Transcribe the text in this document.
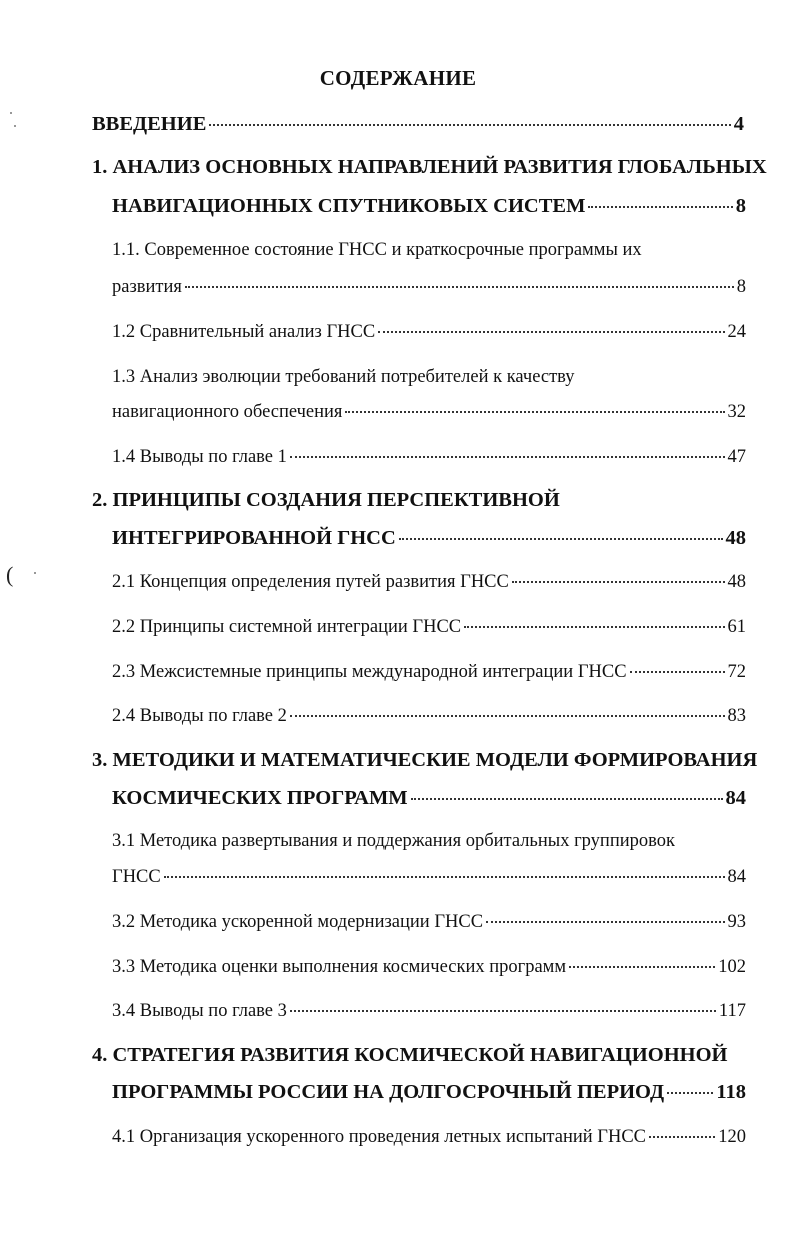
СОДЕРЖАНИЕ
ВВЕДЕНИЕ	4
1. АНАЛИЗ ОСНОВНЫХ НАПРАВЛЕНИЙ РАЗВИТИЯ ГЛОБАЛЬНЫХ
НАВИГАЦИОННЫХ СПУТНИКОВЫХ СИСТЕМ	8
1.1. Современное состояние ГНСС и краткосрочные программы их
развития	8
1.2 Сравнительный анализ ГНСС	24
1.3 Анализ эволюции требований потребителей к качеству
навигационного обеспечения	32
1.4 Выводы по главе 1	47
2. ПРИНЦИПЫ СОЗДАНИЯ ПЕРСПЕКТИВНОЙ
ИНТЕГРИРОВАННОЙ ГНСС	48
2.1 Концепция определения путей развития ГНСС	48
2.2 Принципы системной интеграции ГНСС	61
2.3 Межсистемные принципы международной интеграции ГНСС	72
2.4 Выводы по главе 2	83
3. МЕТОДИКИ И МАТЕМАТИЧЕСКИЕ МОДЕЛИ ФОРМИРОВАНИЯ
КОСМИЧЕСКИХ ПРОГРАММ	84
3.1 Методика развертывания и поддержания орбитальных группировок
ГНСС	84
3.2 Методика ускоренной модернизации ГНСС	93
3.3 Методика оценки выполнения космических программ	102
3.4 Выводы по главе 3	117
4. СТРАТЕГИЯ РАЗВИТИЯ КОСМИЧЕСКОЙ НАВИГАЦИОННОЙ
ПРОГРАММЫ РОССИИ НА ДОЛГОСРОЧНЫЙ ПЕРИОД	118
4.1 Организация ускоренного проведения летных испытаний ГНСС	120
(
